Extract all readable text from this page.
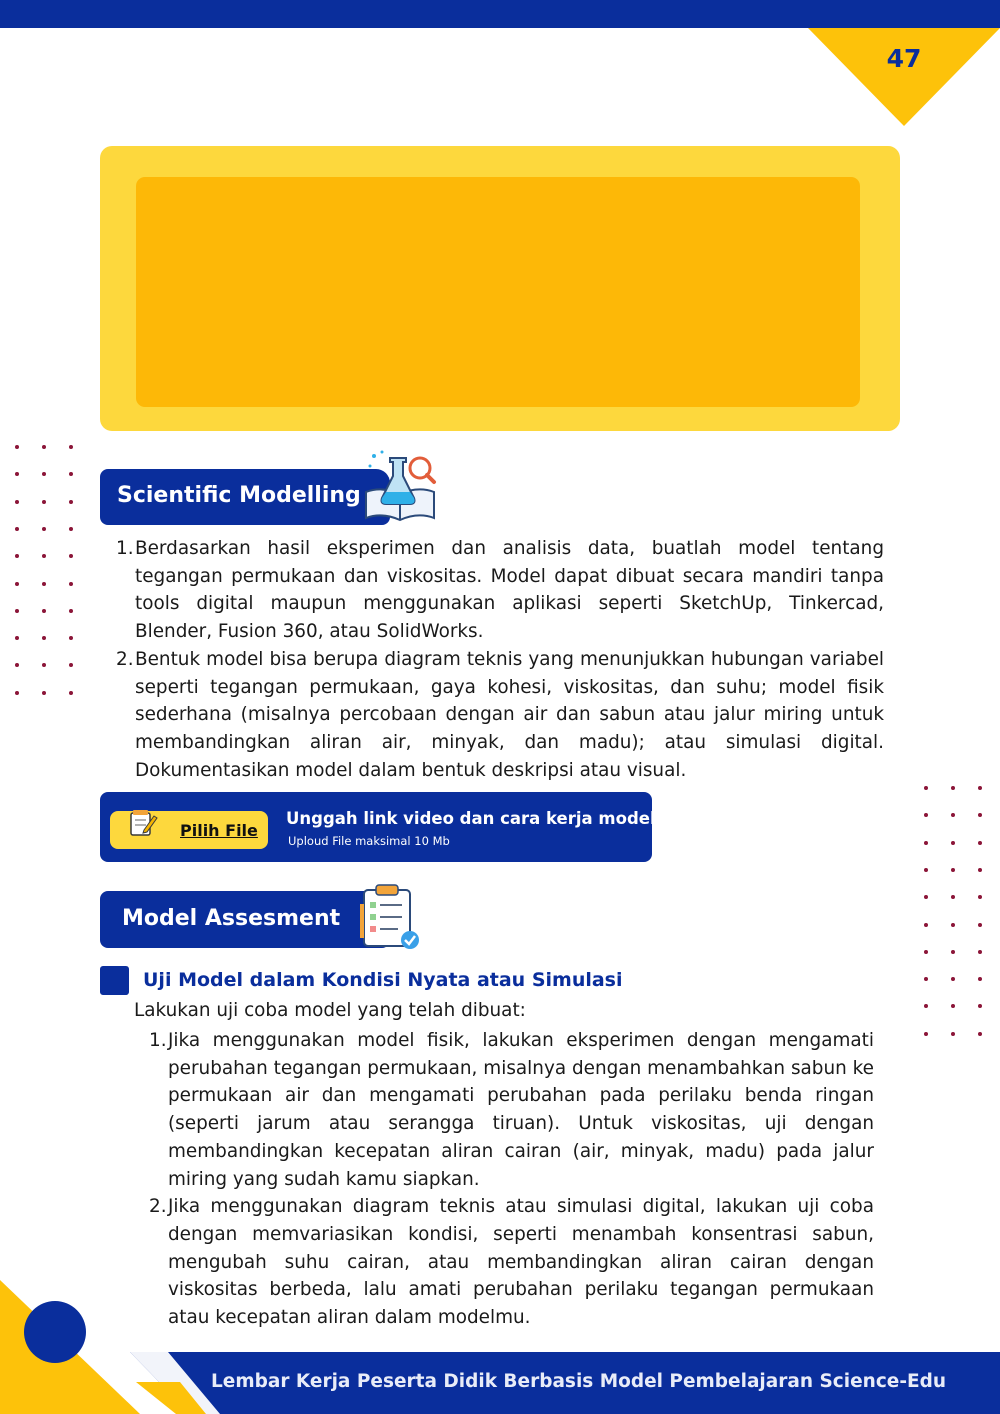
47
Scientific Modelling
1. Berdasarkan hasil eksperimen dan analisis data, buatlah model tentang tegangan permukaan dan viskositas. Model dapat dibuat secara mandiri tanpa tools digital maupun menggunakan aplikasi seperti SketchUp, Tinkercad, Blender, Fusion 360, atau SolidWorks.
2. Bentuk model bisa berupa diagram teknis yang menunjukkan hubungan variabel seperti tegangan permukaan, gaya kohesi, viskositas, dan suhu; model fisik sederhana (misalnya percobaan dengan air dan sabun atau jalur miring untuk membandingkan aliran air, minyak, dan madu); atau simulasi digital. Dokumentasikan model dalam bentuk deskripsi atau visual.
Pilih File
Unggah link video dan cara kerja model
Uploud File maksimal 10 Mb
Model Assesment
Uji Model dalam Kondisi Nyata atau Simulasi
Lakukan uji coba model yang telah dibuat:
1. Jika menggunakan model fisik, lakukan eksperimen dengan mengamati perubahan tegangan permukaan, misalnya dengan menambahkan sabun ke permukaan air dan mengamati perubahan pada perilaku benda ringan (seperti jarum atau serangga tiruan). Untuk viskositas, uji dengan membandingkan kecepatan aliran cairan (air, minyak, madu) pada jalur miring yang sudah kamu siapkan.
2. Jika menggunakan diagram teknis atau simulasi digital, lakukan uji coba dengan memvariasikan kondisi, seperti menambah konsentrasi sabun, mengubah suhu cairan, atau membandingkan aliran cairan dengan viskositas berbeda, lalu amati perubahan perilaku tegangan permukaan atau kecepatan aliran dalam modelmu.
Lembar Kerja Peserta Didik Berbasis Model Pembelajaran Science-Edu
